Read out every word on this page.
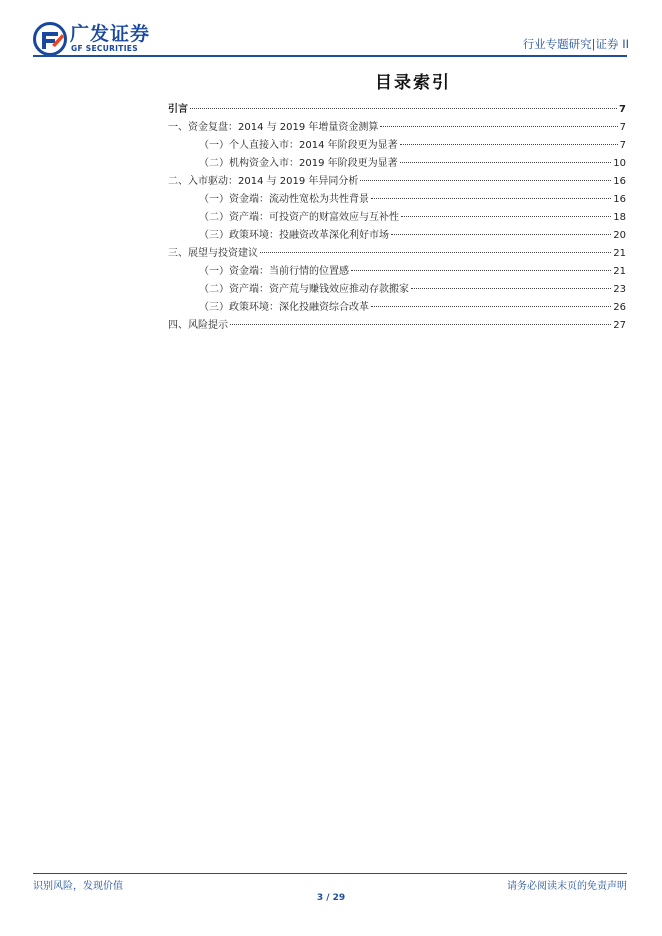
广发证券
GF SECURITIES	行业专题研究|证券 II
目录索引
引言	7
一、资金复盘：2014 与 2019 年增量资金测算	7
（一）个人直接入市：2014 年阶段更为显著	7
（二）机构资金入市：2019 年阶段更为显著	10
二、入市驱动：2014 与 2019 年异同分析	16
（一）资金端：流动性宽松为共性背景	16
（二）资产端：可投资产的财富效应与互补性	18
（三）政策环境：投融资改革深化利好市场	20
三、展望与投资建议	21
（一）资金端：当前行情的位置感	21
（二）资产端：资产荒与赚钱效应推动存款搬家	23
（三）政策环境：深化投融资综合改革	26
四、风险提示	27
识别风险，发现价值	请务必阅读末页的免责声明
3 / 29
